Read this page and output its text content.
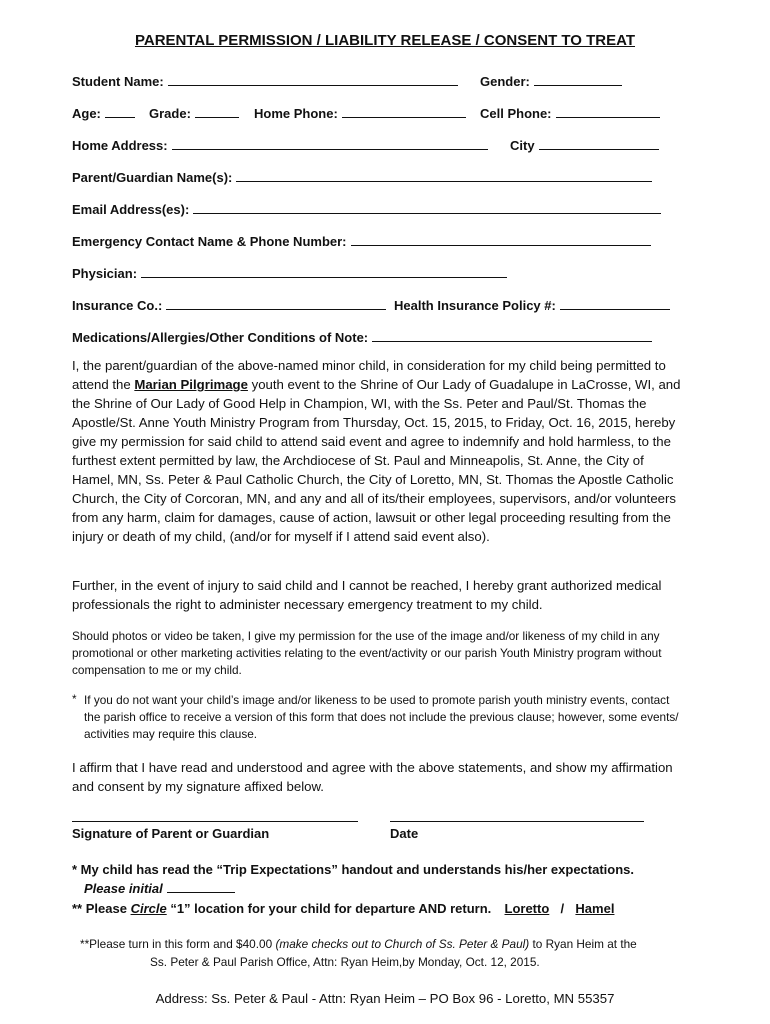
PARENTAL PERMISSION / LIABILITY RELEASE / CONSENT TO TREAT
Student Name:	Gender:
Age:	Grade:	Home Phone:	Cell Phone:
Home Address:	City
Parent/Guardian Name(s):
Email Address(es):
Emergency Contact Name & Phone Number:
Physician:
Insurance Co.:	Health Insurance Policy #:
Medications/Allergies/Other Conditions of Note:
I, the parent/guardian of the above-named minor child, in consideration for my child being permitted to attend the Marian Pilgrimage youth event to the Shrine of Our Lady of Guadalupe in LaCrosse, WI, and the Shrine of Our Lady of Good Help in Champion, WI, with the Ss. Peter and Paul/St. Thomas the Apostle/St. Anne Youth Ministry Program from Thursday, Oct. 15, 2015, to Friday, Oct. 16, 2015, hereby give my permission for said child to attend said event and agree to indemnify and hold harmless, to the furthest extent permitted by law, the Archdiocese of St. Paul and Minneapolis, St. Anne, the City of Hamel, MN, Ss. Peter & Paul Catholic Church, the City of Loretto, MN, St. Thomas the Apostle Catholic Church, the City of Corcoran, MN, and any and all of its/their employees, supervisors, and/or volunteers from any harm, claim for damages, cause of action, lawsuit or other legal proceeding resulting from the injury or death of my child, (and/or for myself if I attend said event also).
Further, in the event of injury to said child and I cannot be reached, I hereby grant authorized medical professionals the right to administer necessary emergency treatment to my child.
Should photos or video be taken, I give my permission for the use of the image and/or likeness of my child in any promotional or other marketing activities relating to the event/activity or our parish Youth Ministry program without compensation to me or my child.
* If you do not want your child’s image and/or likeness to be used to promote parish youth ministry events, contact the parish office to receive a version of this form that does not include the previous clause; however, some events/ activities may require this clause.
I affirm that I have read and understood and agree with the above statements, and show my affirmation and consent by my signature affixed below.
Signature of Parent or Guardian	Date
* My child has read the “Trip Expectations” handout and understands his/her expectations.
Please initial
** Please Circle “1” location for your child for departure AND return. Loretto / Hamel
**Please turn in this form and $40.00 (make checks out to Church of Ss. Peter & Paul) to Ryan Heim at the
Ss. Peter & Paul Parish Office, Attn: Ryan Heim,by Monday, Oct. 12, 2015.
Address: Ss. Peter & Paul - Attn: Ryan Heim – PO Box 96 - Loretto, MN 55357
